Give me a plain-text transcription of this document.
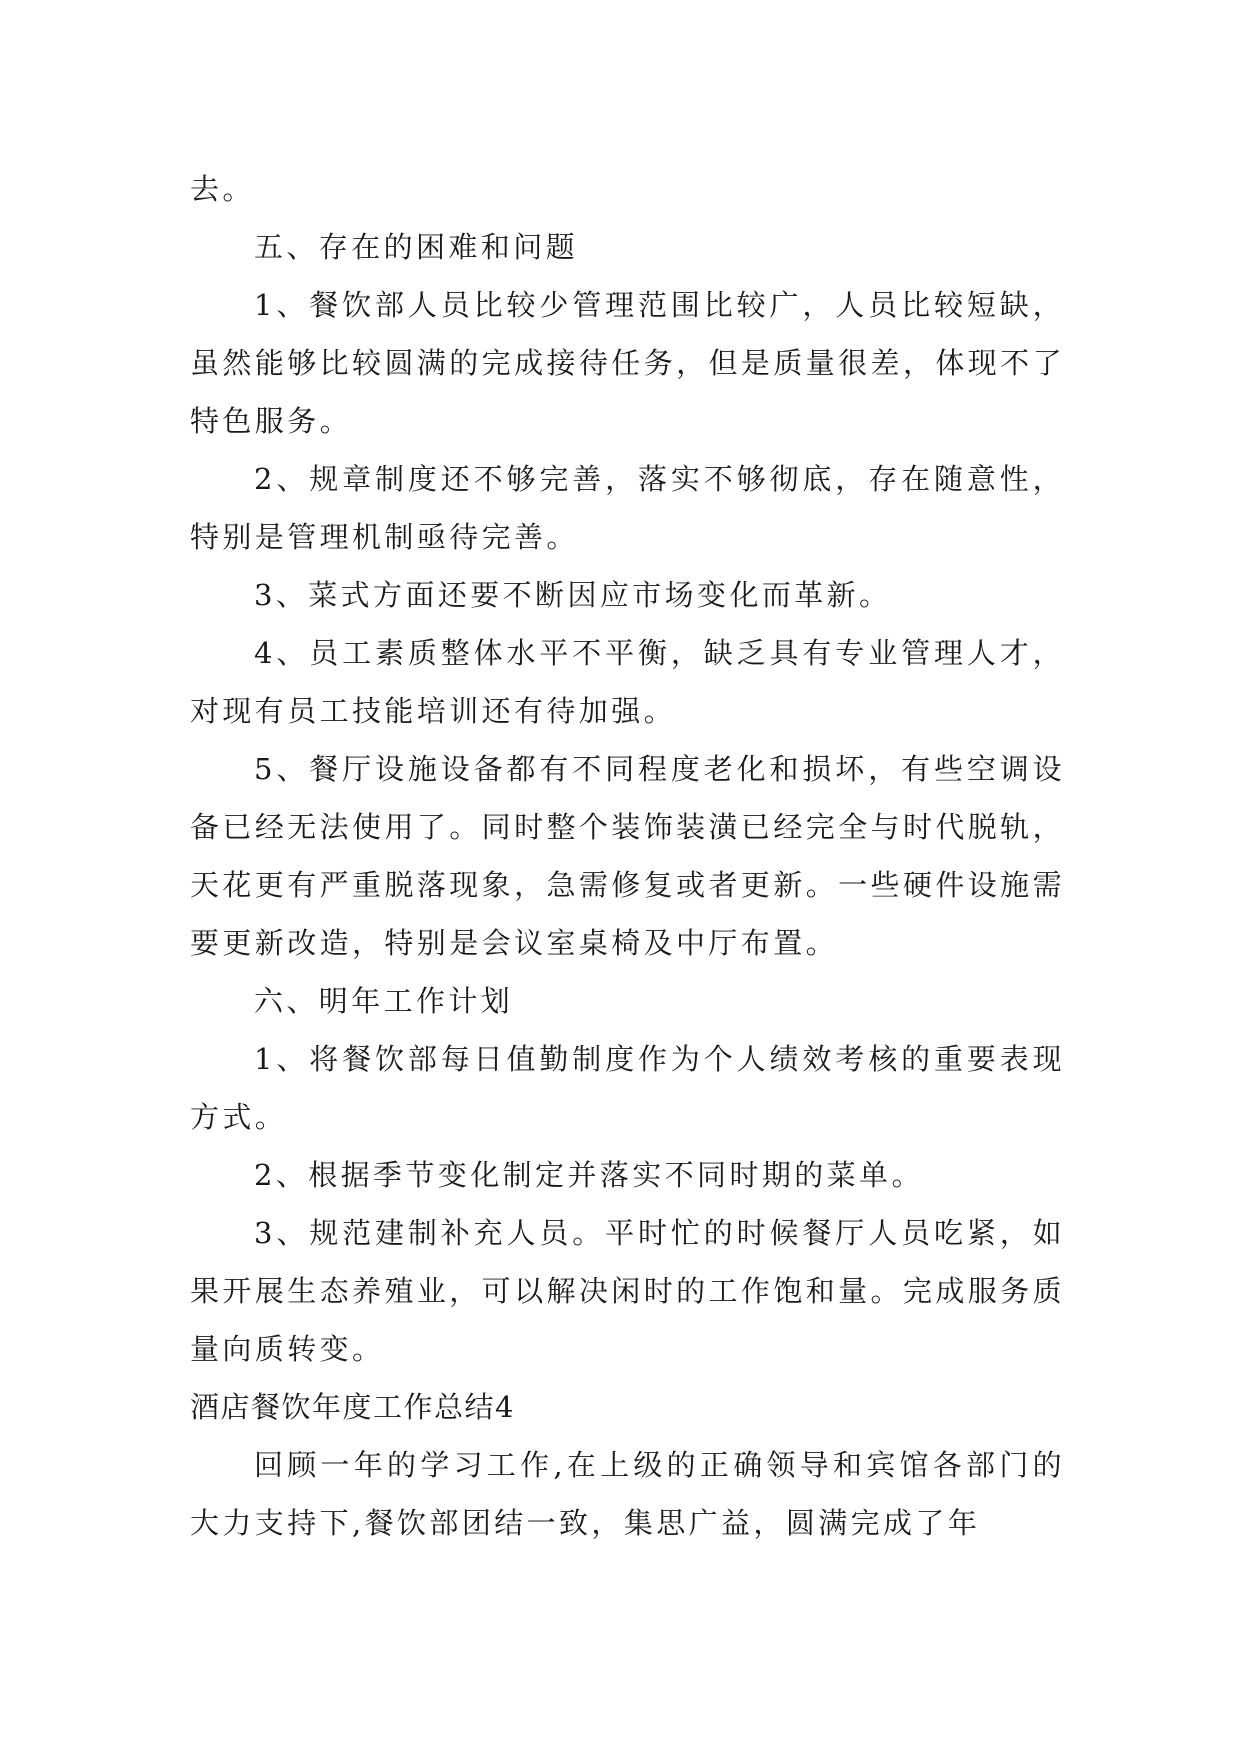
去。

五、存在的困难和问题

1、餐饮部人员比较少管理范围比较广，人员比较短缺，虽然能够比较圆满的完成接待任务，但是质量很差，体现不了特色服务。

2、规章制度还不够完善，落实不够彻底，存在随意性，特别是管理机制亟待完善。

3、菜式方面还要不断因应市场变化而革新。

4、员工素质整体水平不平衡，缺乏具有专业管理人才，对现有员工技能培训还有待加强。

5、餐厅设施设备都有不同程度老化和损坏，有些空调设备已经无法使用了。同时整个装饰装潢已经完全与时代脱轨，天花更有严重脱落现象，急需修复或者更新。一些硬件设施需要更新改造，特别是会议室桌椅及中厅布置。

六、明年工作计划

1、将餐饮部每日值勤制度作为个人绩效考核的重要表现方式。

2、根据季节变化制定并落实不同时期的菜单。

3、规范建制补充人员。平时忙的时候餐厅人员吃紧，如果开展生态养殖业，可以解决闲时的工作饱和量。完成服务质量向质转变。

酒店餐饮年度工作总结4

回顾一年的学习工作,在上级的正确领导和宾馆各部门的大力支持下,餐饮部团结一致，集思广益，圆满完成了年
